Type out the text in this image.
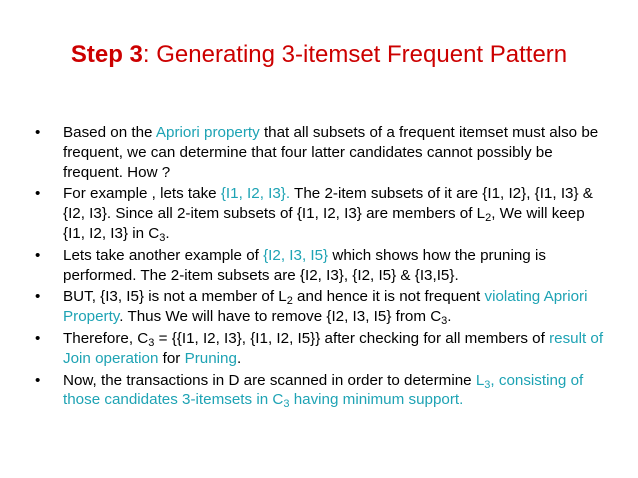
Step 3: Generating 3-itemset Frequent Pattern
• Based on the Apriori property that all subsets of a frequent itemset must also be frequent, we can determine that four latter candidates cannot possibly be frequent. How ?
• For example , lets take {I1, I2, I3}. The 2-item subsets of it are {I1, I2}, {I1, I3} & {I2, I3}. Since all 2-item subsets of {I1, I2, I3} are members of $L_2$, We will keep {I1, I2, I3} in $C_3$.
• Lets take another example of {I2, I3, I5} which shows how the pruning is performed. The 2-item subsets are {I2, I3}, {I2, I5} & {I3,I5}.
• BUT, {I3, I5} is not a member of $L_2$ and hence it is not frequent violating Apriori Property. Thus We will have to remove {I2, I3, I5} from $C_3$.
• Therefore, $C_3 = \{\{I1$, I2, I3}, {I1, I2, I5}} after checking for all members of result of Join operation for Pruning.
• Now, the transactions in D are scanned in order to determine $L_3$, consisting of those candidates 3-itemsets in $C_3$ having minimum support.
